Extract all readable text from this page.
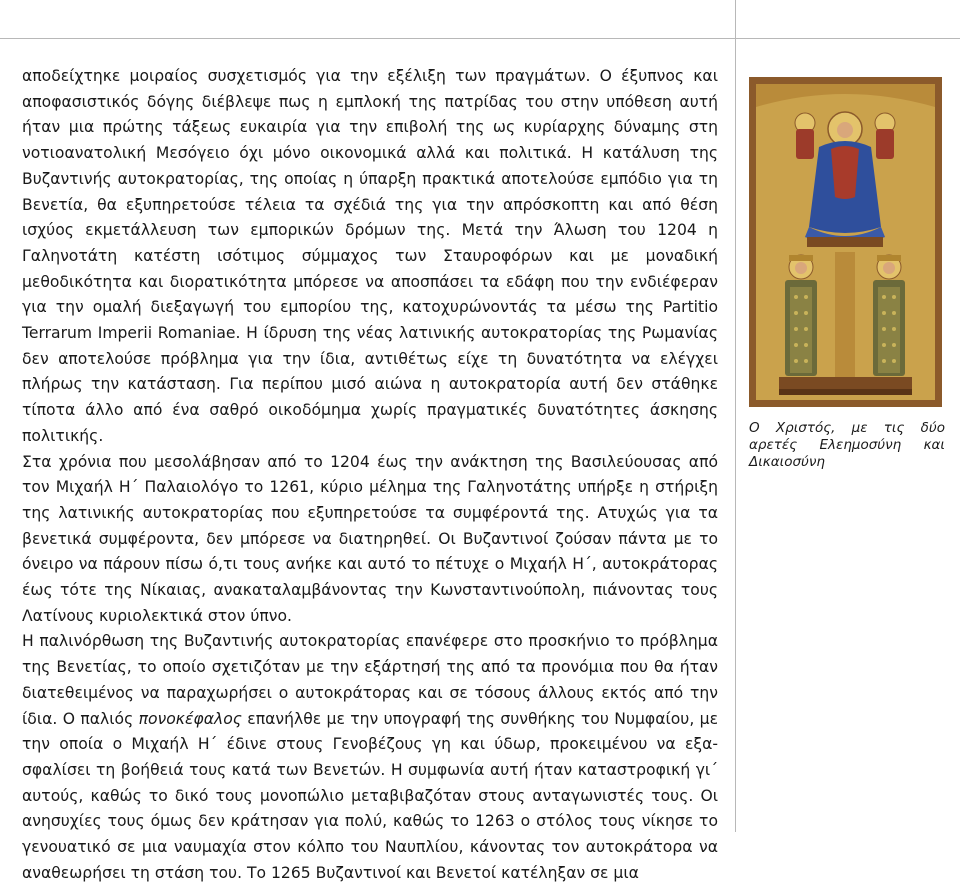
αποδείχτηκε μοιραίος συσχετισμός για την εξέλιξη των πραγμάτων. Ο έξυπνος και αποφασιστικός δόγης διέβλεψε πως η εμπλοκή της πατρίδας του στην υπόθεση αυτή ήταν μια πρώτης τάξεως ευκαιρία για την επιβολή της ως κυρίαρχης δύναμης στη νοτιοανατολική Μεσόγειο όχι μόνο οικονομικά αλλά και πολιτικά. Η κατάλυση της Βυζαντινής αυτοκρατορίας, της οποίας η ύπαρξη πρακτικά αποτελούσε εμπόδιο για τη Βενετία, θα εξυπηρετούσε τέλεια τα σχέδιά της για την απρόσκοπτη και από θέση ισχύος εκμετάλλευση των εμπορικών δρόμων της. Μετά την Άλωση του 1204 η Γαληνοτάτη κατέστη ισότιμος σύμμαχος των Σταυροφόρων και με μοναδική μεθοδικότητα και διορατικότητα μπόρεσε να αποσπάσει τα εδάφη που την ενδιέφεραν για την ομαλή διεξαγωγή του εμπορίου της, κατοχυρώνοντάς τα μέσω της Partitio Terrarum Imperii Romaniae. Η ίδρυση της νέας λατινικής αυτοκρατορίας της Ρωμανίας δεν αποτελούσε πρόβλημα για την ίδια, αντιθέτως είχε τη δυνατότητα να ελέγχει πλήρως την κατάσταση. Για περίπου μισό αιώνα η αυτοκρατορία αυτή δεν στάθηκε τίποτα άλλο από ένα σαθρό οικοδόμημα χωρίς πραγματικές δυνατότητες άσκησης πολιτικής.

Στα χρόνια που μεσολάβησαν από το 1204 έως την ανάκτηση της Βασιλεύουσας από τον Μιχαήλ Η΄ Παλαιολόγο το 1261, κύριο μέλημα της Γαληνοτάτης υπήρξε η στήριξη της λατινικής αυτοκρατορίας που εξυπηρετούσε τα συμφέροντά της. Ατυχώς για τα βενετικά συμφέροντα, δεν μπόρεσε να διατηρηθεί. Οι Βυζαντινοί ζούσαν πάντα με το όνειρο να πάρουν πίσω ό,τι τους ανήκε και αυτό το πέτυχε ο Μιχαήλ Η΄, αυτοκράτορας έως τότε της Νίκαιας, ανακαταλαμβάνοντας την Κωνσταντινούπολη, πιάνοντας τους Λατίνους κυριολεκτικά στον ύπνο.

Η παλινόρθωση της Βυζαντινής αυτοκρατορίας επανέφερε στο προσκήνιο το πρόβλημα της Βενετίας, το οποίο σχετιζόταν με την εξάρτησή της από τα προνόμια που θα ήταν διατεθειμένος να παραχωρήσει ο αυτοκράτορας και σε τόσους άλλους εκτός από την ίδια. Ο παλιός πονοκέφαλος επανήλθε με την υπογραφή της συνθήκης του Νυμφαίου, με την οποία ο Μιχαήλ Η΄ έδινε στους Γενοβέζους γη και ύδωρ, προκειμένου να εξασφαλίσει τη βοήθειά τους κατά των Βενετών. Η συμφωνία αυτή ήταν καταστροφική γι΄ αυτούς, καθώς το δικό τους μονοπώλιο μεταβιβαζόταν στους ανταγωνιστές τους. Οι ανησυχίες τους όμως δεν κράτησαν για πολύ, καθώς το 1263 ο στόλος τους νίκησε το γενουατικό σε μια ναυμαχία στον κόλπο του Ναυπλίου, κάνοντας τον αυτοκράτορα να αναθεωρήσει τη στάση του. Το 1265 Βυζαντινοί και Βενετοί κατέληξαν σε μια

Ο Χριστός, με τις δύο αρετές Ελεημοσύνη και Δικαιοσύνη
